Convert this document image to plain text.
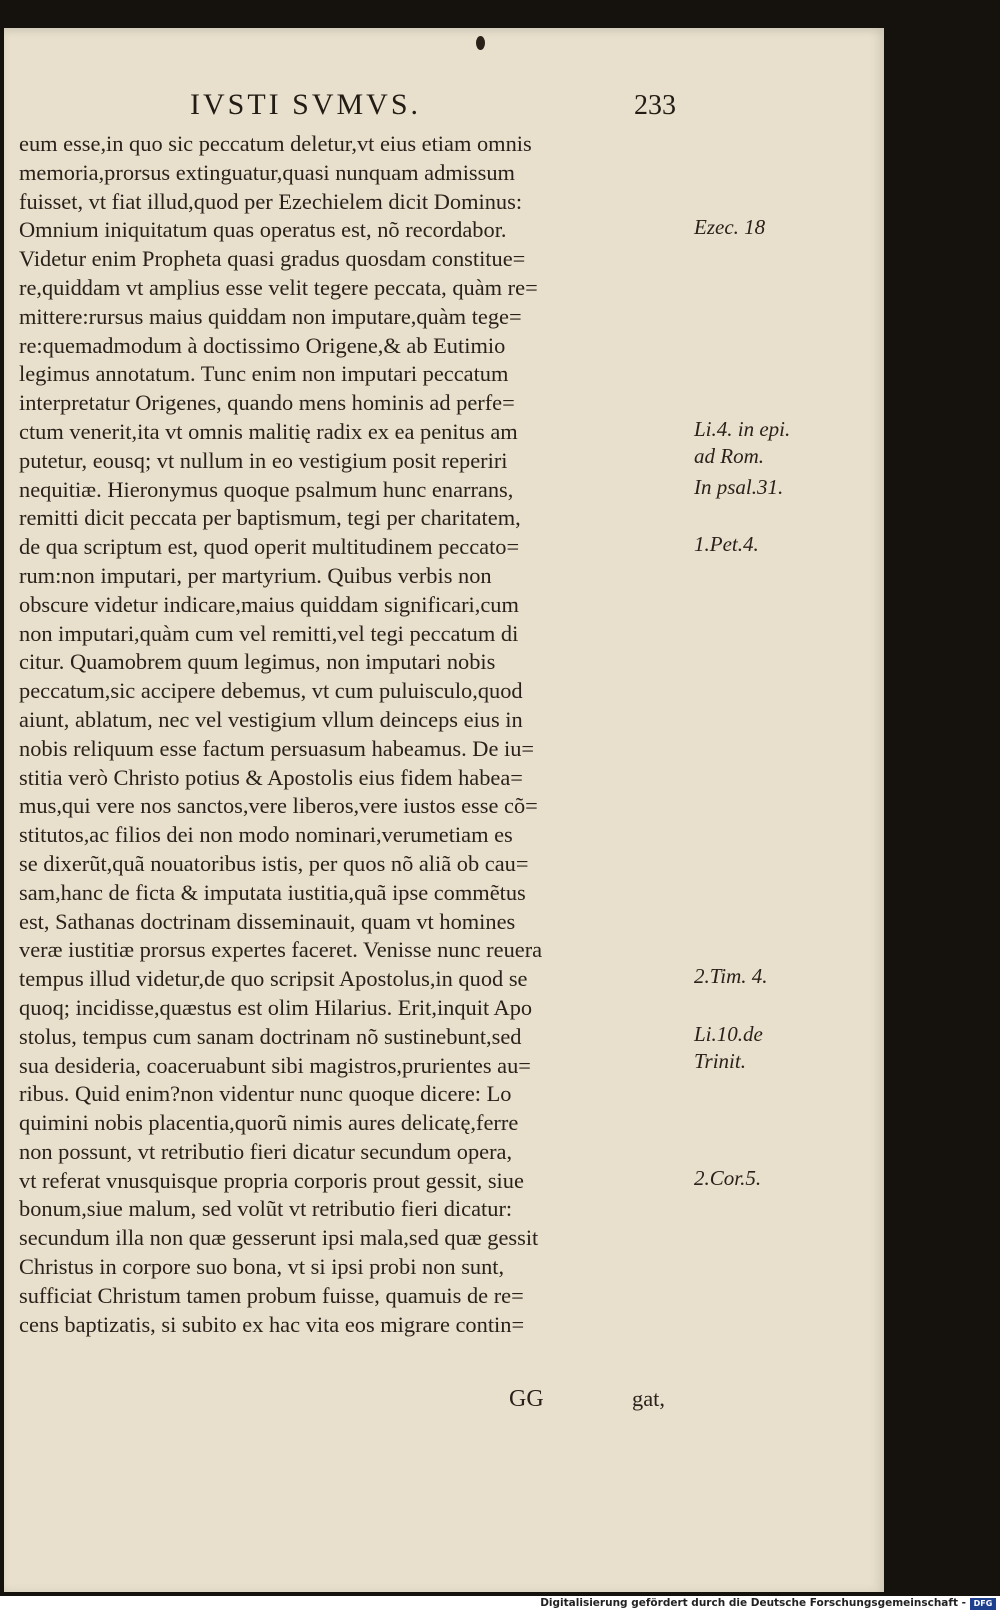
IVSTI SVMVS.	233
eum esse,in quo sic peccatum deletur,vt eius etiam omnis
memoria,prorsus extinguatur,quasi nunquam admissum
fuisset, vt fiat illud,quod per Ezechielem dicit Dominus:
Omnium iniquitatum quas operatus est, nõ recordabor.
Videtur enim Propheta quasi gradus quosdam constitue=
re,quiddam vt amplius esse velit tegere peccata, quàm re=
mittere:rursus maius quiddam non imputare,quàm tege=
re:quemadmodum à doctissimo Origene,& ab Eutimio
legimus annotatum. Tunc enim non imputari peccatum
interpretatur Origenes, quando mens hominis ad perfe=
ctum venerit,ita vt omnis malitię radix ex ea penitus am
putetur, eousq; vt nullum in eo vestigium posit reperiri
nequitiæ. Hieronymus quoque psalmum hunc enarrans,
remitti dicit peccata per baptismum, tegi per charitatem,
de qua scriptum est, quod operit multitudinem peccato=
rum:non imputari, per martyrium. Quibus verbis non
obscure videtur indicare,maius quiddam significari,cum
non imputari,quàm cum vel remitti,vel tegi peccatum di
citur. Quamobrem quum legimus, non imputari nobis
peccatum,sic accipere debemus, vt cum puluisculo,quod
aiunt, ablatum, nec vel vestigium vllum deinceps eius in
nobis reliquum esse factum persuasum habeamus. De iu=
stitia verò Christo potius & Apostolis eius fidem habea=
mus,qui vere nos sanctos,vere liberos,vere iustos esse cõ=
stitutos,ac filios dei non modo nominari,verumetiam es
se dixerũt,quã nouatoribus istis, per quos nõ aliã ob cau=
sam,hanc de ficta & imputata iustitia,quã ipse commẽtus
est, Sathanas doctrinam disseminauit, quam vt homines
veræ iustitiæ prorsus expertes faceret. Venisse nunc reuera
tempus illud videtur,de quo scripsit Apostolus,in quod se
quoq; incidisse,quæstus est olim Hilarius. Erit,inquit Apo
stolus, tempus cum sanam doctrinam nõ sustinebunt,sed
sua desideria, coaceruabunt sibi magistros,prurientes au=
ribus. Quid enim?non videntur nunc quoque dicere: Lo
quimini nobis placentia,quorũ nimis aures delicatę,ferre
non possunt, vt retributio fieri dicatur secundum opera,
vt referat vnusquisque propria corporis prout gessit, siue
bonum,siue malum, sed volũt vt retributio fieri dicatur:
secundum illa non quæ gesserunt ipsi mala,sed quæ gessit
Christus in corpore suo bona, vt si ipsi probi non sunt,
sufficiat Christum tamen probum fuisse, quamuis de re=
cens baptizatis, si subito ex hac vita eos migrare contin=
GG	gat,
Ezec. 18
Li.4. in epi.
ad Rom.
In psal.31.
1.Pet.4.
2.Tim. 4.
Li.10.de
Trinit.
2.Cor.5.
Digitalisierung gefördert durch die Deutsche Forschungsgemeinschaft - DFG
